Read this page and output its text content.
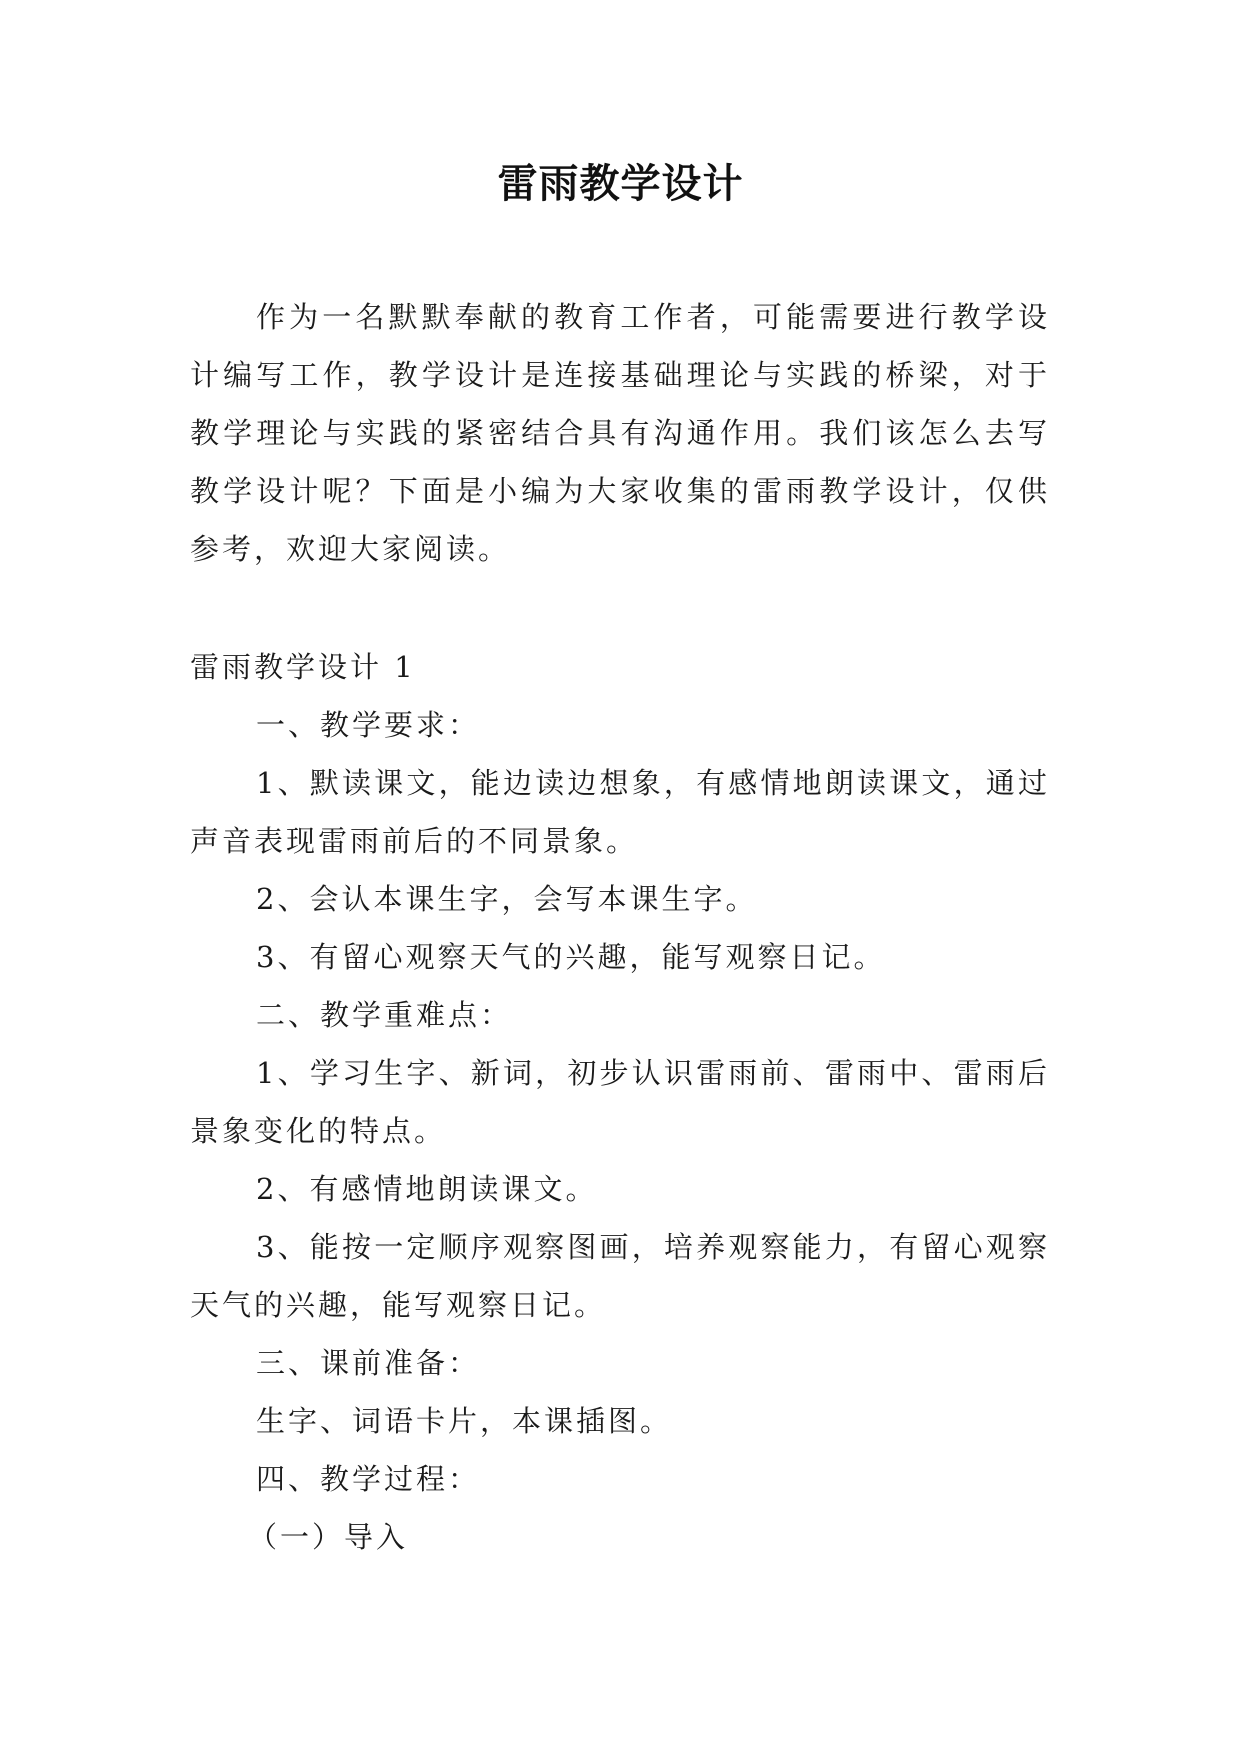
雷雨教学设计

作为一名默默奉献的教育工作者，可能需要进行教学设计编写工作，教学设计是连接基础理论与实践的桥梁，对于教学理论与实践的紧密结合具有沟通作用。我们该怎么去写教学设计呢？下面是小编为大家收集的雷雨教学设计，仅供参考，欢迎大家阅读。

雷雨教学设计 1

一、教学要求：

1、默读课文，能边读边想象，有感情地朗读课文，通过声音表现雷雨前后的不同景象。

2、会认本课生字，会写本课生字。

3、有留心观察天气的兴趣，能写观察日记。

二、教学重难点：

1、学习生字、新词，初步认识雷雨前、雷雨中、雷雨后景象变化的特点。

2、有感情地朗读课文。

3、能按一定顺序观察图画，培养观察能力，有留心观察天气的兴趣，能写观察日记。

三、课前准备：

生字、词语卡片，本课插图。

四、教学过程：

（一）导入
